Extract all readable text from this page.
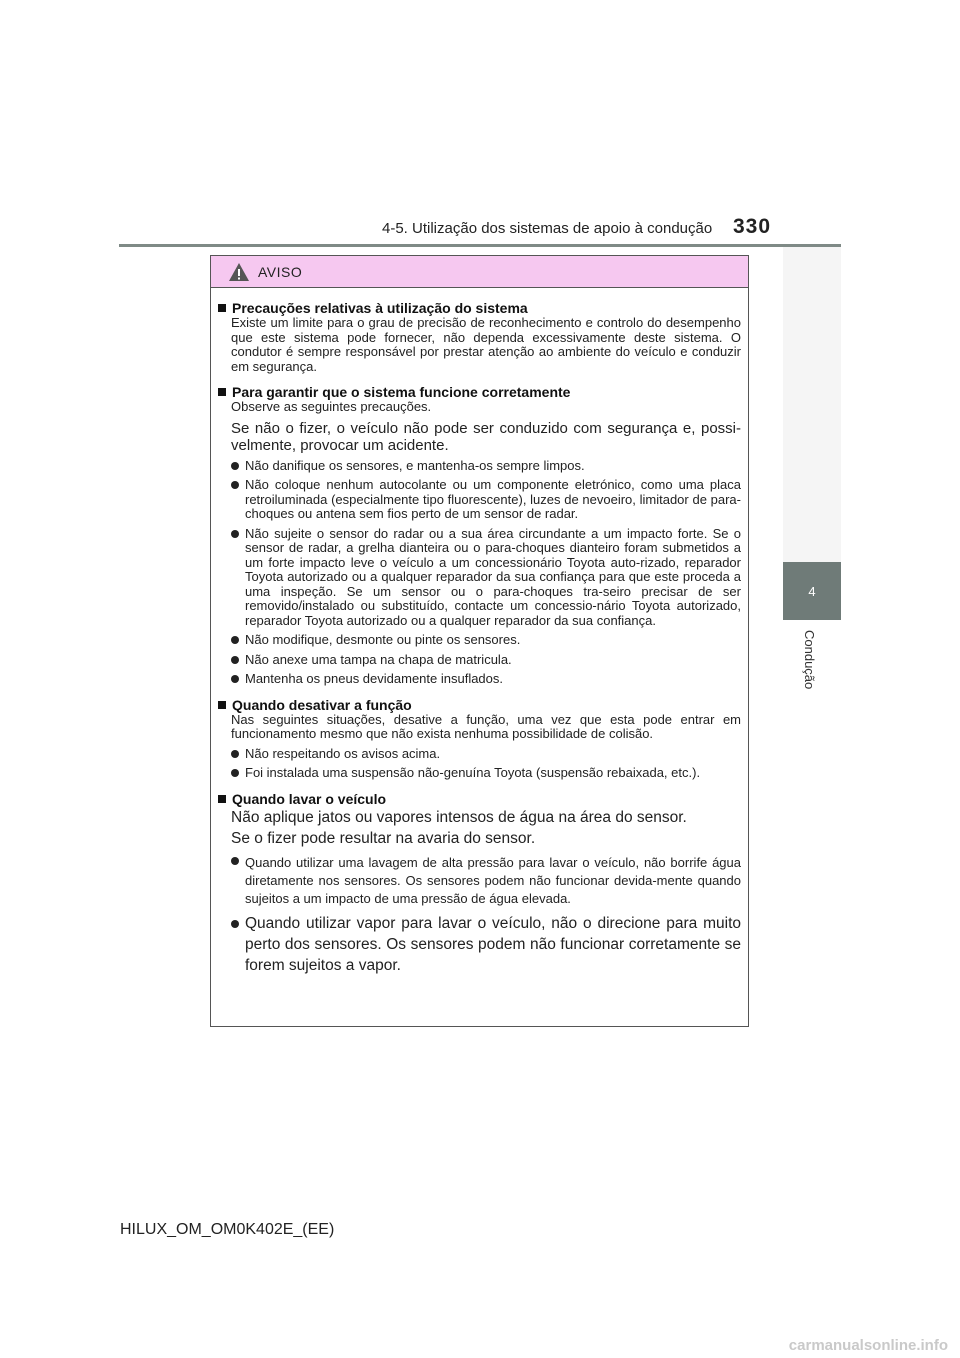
4-5. Utilização dos sistemas de apoio à condução 330
4
Condução
AVISO
Precauções relativas à utilização do sistema
Existe um limite para o grau de precisão de reconhecimento e controlo do desempenho que este sistema pode fornecer, não dependa excessivamente deste sistema. O condutor é sempre responsável por prestar atenção ao ambiente do veículo e conduzir em segurança.
Para garantir que o sistema funcione corretamente
Observe as seguintes precauções.
Se não o fizer, o veículo não pode ser conduzido com segurança e, possi-velmente, provocar um acidente.
Não danifique os sensores, e mantenha-os sempre limpos.
Não coloque nenhum autocolante ou um componente eletrónico, como uma placa retroiluminada (especialmente tipo fluorescente), luzes de nevoeiro, limitador de para-choques ou antena sem fios perto de um sensor de radar.
Não sujeite o sensor do radar ou a sua área circundante a um impacto forte. Se o sensor de radar, a grelha dianteira ou o para-choques dianteiro foram submetidos a um forte impacto leve o veículo a um concessionário Toyota auto-rizado, reparador Toyota autorizado ou a qualquer reparador da sua confiança para que este proceda a uma inspeção. Se um sensor ou o para-choques tra-seiro precisar de ser removido/instalado ou substituído, contacte um concessio-nário Toyota autorizado, reparador Toyota autorizado ou a qualquer reparador da sua confiança.
Não modifique, desmonte ou pinte os sensores.
Não anexe uma tampa na chapa de matricula.
Mantenha os pneus devidamente insuflados.
Quando desativar a função
Nas seguintes situações, desative a função, uma vez que esta pode entrar em funcionamento mesmo que não exista nenhuma possibilidade de colisão.
Não respeitando os avisos acima.
Foi instalada uma suspensão não-genuína Toyota (suspensão rebaixada, etc.).
Quando lavar o veículo
Não aplique jatos ou vapores intensos de água na área do sensor.
Se o fizer pode resultar na avaria do sensor.
Quando utilizar uma lavagem de alta pressão para lavar o veículo, não borrife água diretamente nos sensores. Os sensores podem não funcionar devida-mente quando sujeitos a um impacto de uma pressão de água elevada.
Quando utilizar vapor para lavar o veículo, não o direcione para muito perto dos sensores. Os sensores podem não funcionar corretamente se forem sujeitos a vapor.
HILUX_OM_OM0K402E_(EE)
carmanualsonline.info
